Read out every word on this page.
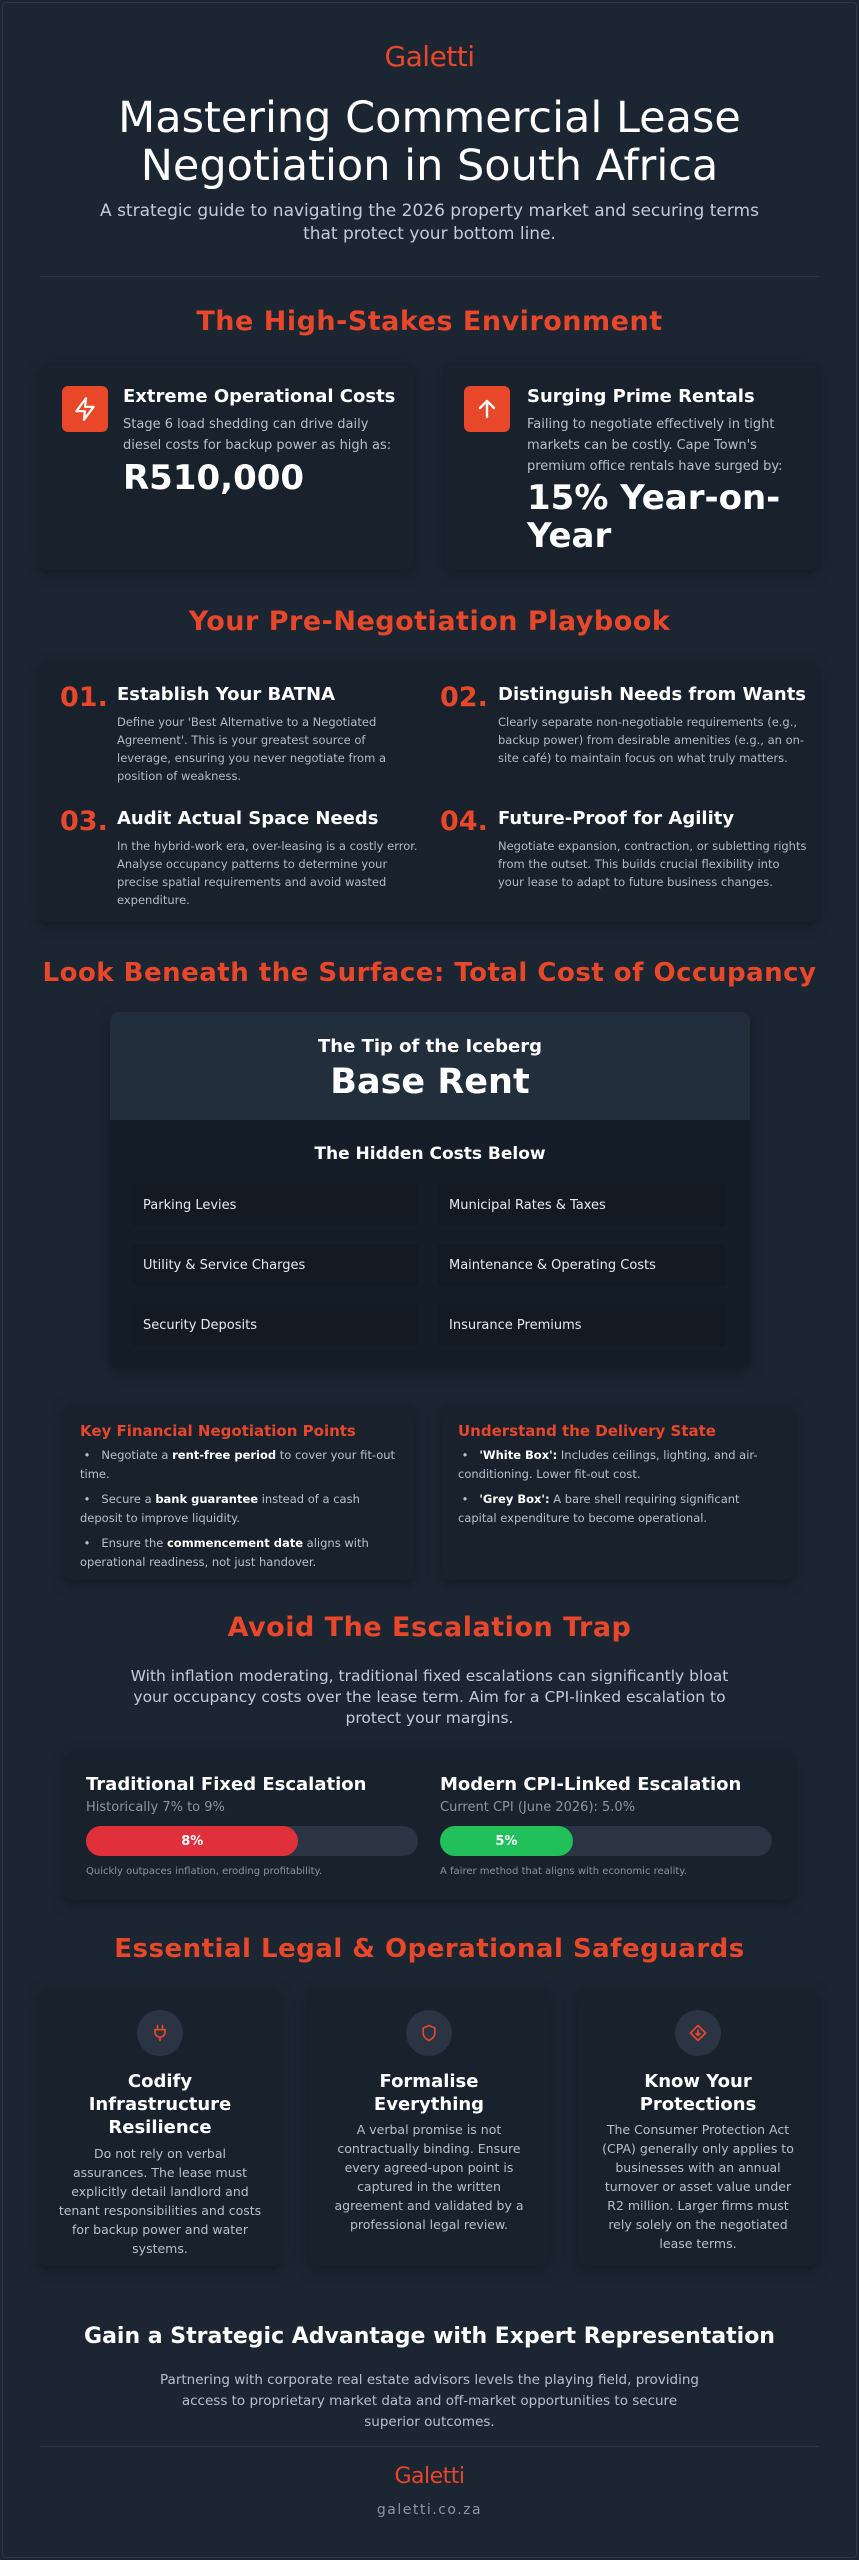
Galetti
Mastering Commercial Lease
Negotiation in South Africa
A strategic guide to navigating the 2026 property market and securing terms that protect your bottom line.
The High-Stakes Environment
Extreme Operational Costs
Stage 6 load shedding can drive daily diesel costs for backup power as high as:
R510,000
Surging Prime Rentals
Failing to negotiate effectively in tight markets can be costly. Cape Town's premium office rentals have surged by:
15% Year-on-
Year
Your Pre-Negotiation Playbook
01. Establish Your BATNA
Define your 'Best Alternative to a Negotiated Agreement'. This is your greatest source of leverage, ensuring you never negotiate from a position of weakness.
02. Distinguish Needs from Wants
Clearly separate non-negotiable requirements (e.g., backup power) from desirable amenities (e.g., an on-site café) to maintain focus on what truly matters.
03. Audit Actual Space Needs
In the hybrid-work era, over-leasing is a costly error. Analyse occupancy patterns to determine your precise spatial requirements and avoid wasted expenditure.
04. Future-Proof for Agility
Negotiate expansion, contraction, or subletting rights from the outset. This builds crucial flexibility into your lease to adapt to future business changes.
Look Beneath the Surface: Total Cost of Occupancy
The Tip of the Iceberg
Base Rent
The Hidden Costs Below
Parking Levies	Municipal Rates & Taxes
Utility & Service Charges	Maintenance & Operating Costs
Security Deposits	Insurance Premiums
Key Financial Negotiation Points
•   Negotiate a rent-free period to cover your fit-out time.
•   Secure a bank guarantee instead of a cash deposit to improve liquidity.
•   Ensure the commencement date aligns with operational readiness, not just handover.
Understand the Delivery State
•   'White Box': Includes ceilings, lighting, and air-conditioning. Lower fit-out cost.
•   'Grey Box': A bare shell requiring significant capital expenditure to become operational.
Avoid The Escalation Trap
With inflation moderating, traditional fixed escalations can significantly bloat your occupancy costs over the lease term. Aim for a CPI-linked escalation to protect your margins.
Traditional Fixed Escalation
Historically 7% to 9%
8%
Quickly outpaces inflation, eroding profitability.
Modern CPI-Linked Escalation
Current CPI (June 2026): 5.0%
5%
A fairer method that aligns with economic reality.
Essential Legal & Operational Safeguards
Codify
Infrastructure
Resilience
Do not rely on verbal assurances. The lease must explicitly detail landlord and tenant responsibilities and costs for backup power and water systems.
Formalise
Everything
A verbal promise is not contractually binding. Ensure every agreed-upon point is captured in the written agreement and validated by a professional legal review.
Know Your
Protections
The Consumer Protection Act (CPA) generally only applies to businesses with an annual turnover or asset value under R2 million. Larger firms must rely solely on the negotiated lease terms.
Gain a Strategic Advantage with Expert Representation
Partnering with corporate real estate advisors levels the playing field, providing access to proprietary market data and off-market opportunities to secure superior outcomes.
Galetti
galetti.co.za
